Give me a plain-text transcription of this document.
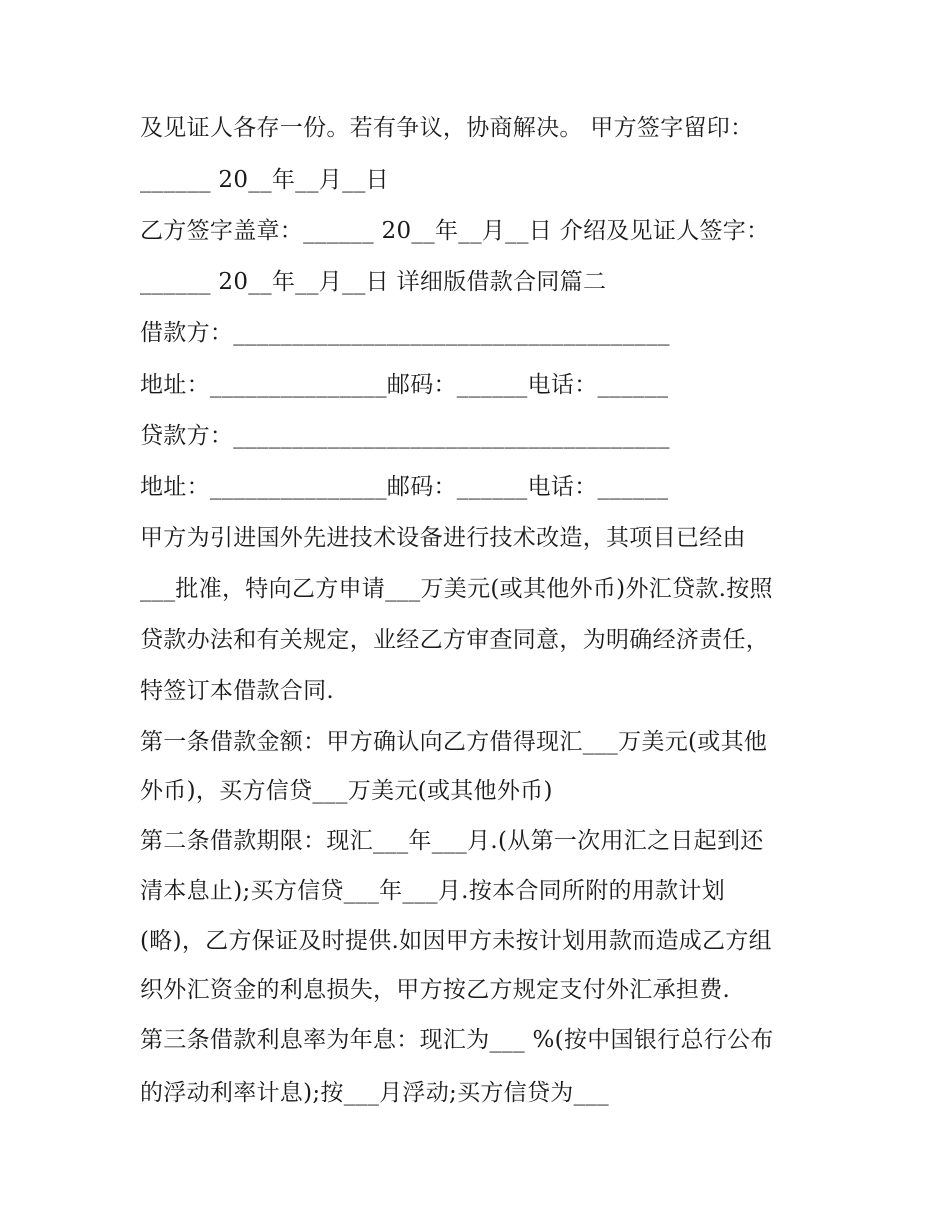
及见证人各存一份。若有争议，协商解决。 甲方签字留印：
______ 20__年__月__日
乙方签字盖章：______ 20__年__月__日 介绍及见证人签字：
______ 20__年__月__日 详细版借款合同篇二
借款方：_____________________________________
地址：_______________邮码：______电话：______
贷款方：_____________________________________
地址：_______________邮码：______电话：______
甲方为引进国外先进技术设备进行技术改造，其项目已经由
___批准，特向乙方申请___万美元(或其他外币)外汇贷款.按照
贷款办法和有关规定，业经乙方审查同意，为明确经济责任，
特签订本借款合同.
第一条借款金额：甲方确认向乙方借得现汇___万美元(或其他
外币)，买方信贷___万美元(或其他外币)
第二条借款期限：现汇___年___月.(从第一次用汇之日起到还
清本息止);买方信贷___年___月.按本合同所附的用款计划
(略)，乙方保证及时提供.如因甲方未按计划用款而造成乙方组
织外汇资金的利息损失，甲方按乙方规定支付外汇承担费.
第三条借款利息率为年息：现汇为___ %(按中国银行总行公布
的浮动利率计息);按___月浮动;买方信贷为___
